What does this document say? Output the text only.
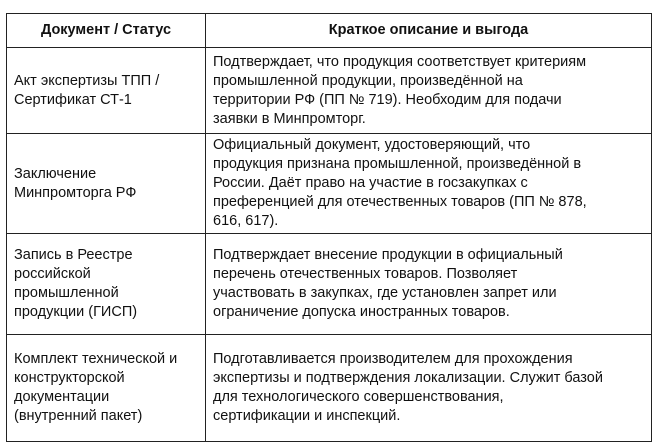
Документ / Статус	Краткое описание и выгода

Акт экспертизы ТПП /
Сертификат СТ-1	Подтверждает, что продукция соответствует критериям
промышленной продукции, произведённой на
территории РФ (ПП № 719). Необходим для подачи
заявки в Минпромторг.

Заключение
Минпромторга РФ	Официальный документ, удостоверяющий, что
продукция признана промышленной, произведённой в
России. Даёт право на участие в госзакупках с
преференцией для отечественных товаров (ПП № 878,
616, 617).

Запись в Реестре
российской
промышленной
продукции (ГИСП)	Подтверждает внесение продукции в официальный
перечень отечественных товаров. Позволяет
участвовать в закупках, где установлен запрет или
ограничение допуска иностранных товаров.

Комплект технической и
конструкторской
документации
(внутренний пакет)	Подготавливается производителем для прохождения
экспертизы и подтверждения локализации. Служит базой
для технологического совершенствования,
сертификации и инспекций.
